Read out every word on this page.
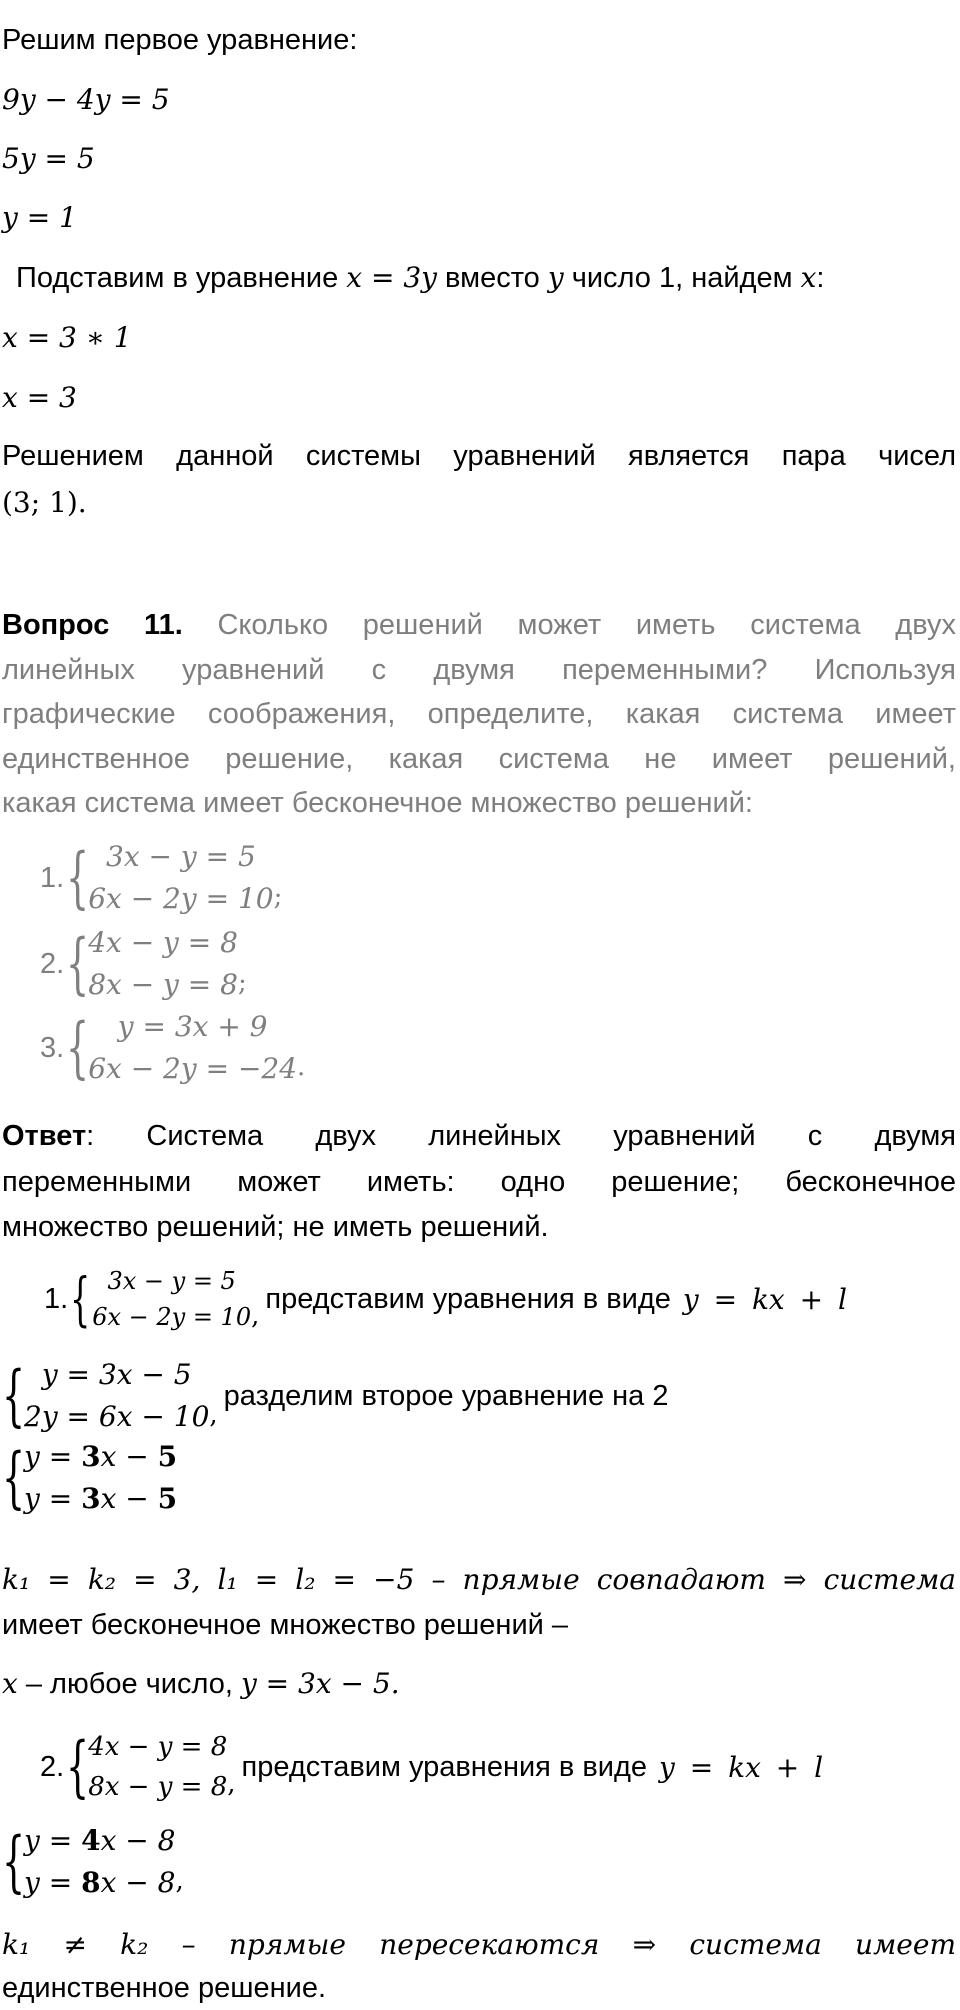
Решим первое уравнение:
9y − 4y = 5
5y = 5
y = 1
Подставим в уравнение x = 3y вместо y число 1, найдем x:
x = 3 ∗ 1
x = 3
Решением данной системы уравнений является пара чисел
(3; 1).
Вопрос 11. Сколько решений может иметь система двух
линейных уравнений с двумя переменными? Используя
графические соображения, определите, какая система имеет
единственное решение, какая система не имеет решений,
какая система имеет бесконечное множество решений:
1. { 3x − y = 5
6x − 2y = 10 ;
2. {
4x − y = 8
8x − y = 8 ;
3. { y = 3x + 9
6x − 2y = −24 .
Ответ: Система двух линейных уравнений с двумя
переменными может иметь: одно решение; бесконечное
множество решений; не иметь решений.
1. { 3x − y = 5
6x − 2y = 10 ,
представим уравнения в виде y = kx + l
{ y = 3x − 5
2y = 6x − 10 ,
разделим второе уравнение на 2
{
y = 3x − 5
y = 3x − 5
k₁ = k₂ = 3, l₁ = l₂ = −5 – прямые совпадают ⇒ система
имеет бесконечное множество решений –
x – любое число, y = 3x − 5.
2. {
4x − y = 8
8x − y = 8 ,
представим уравнения в виде y = kx + l
{
y = 4x − 8
y = 8x − 8 ,
k₁ ≠ k₂ – прямые пересекаются ⇒ система имеет
единственное решение.
